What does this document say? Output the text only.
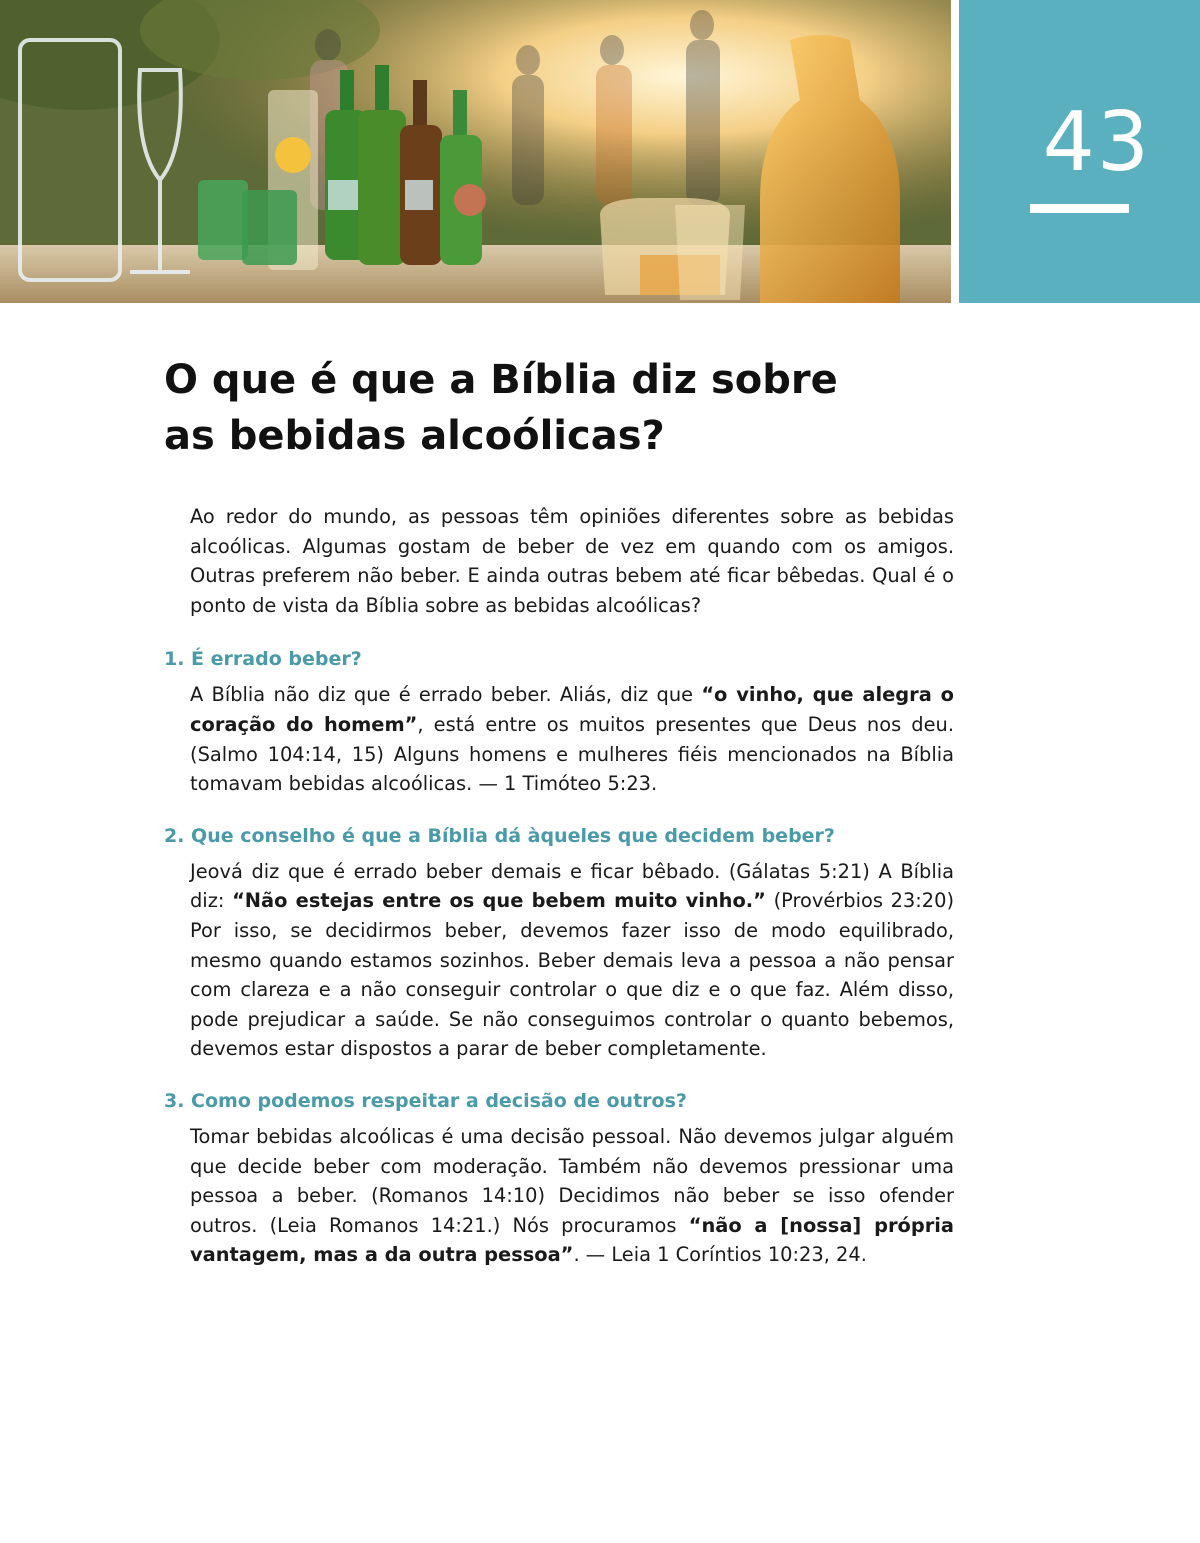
43
O que é que a Bíblia diz sobre
as bebidas alcoólicas?

Ao redor do mundo, as pessoas têm opiniões diferentes sobre as bebidas alcoólicas. Algumas gostam de beber de vez em quando com os amigos. Outras preferem não beber. E ainda outras bebem até ficar bêbedas. Qual é o ponto de vista da Bíblia sobre as bebidas alcoólicas?

1. É errado beber?

A Bíblia não diz que é errado beber. Aliás, diz que “o vinho, que alegra o coração do homem”, está entre os muitos presentes que Deus nos deu. (Salmo 104:14, 15) Alguns homens e mulheres fiéis mencionados na Bíblia tomavam bebidas alcoólicas. — 1 Timóteo 5:23.

2. Que conselho é que a Bíblia dá àqueles que decidem beber?

Jeová diz que é errado beber demais e ficar bêbado. (Gálatas 5:21) A Bíblia diz: “Não estejas entre os que bebem muito vinho.” (Provérbios 23:20) Por isso, se decidirmos beber, devemos fazer isso de modo equilibrado, mesmo quando estamos sozinhos. Beber demais leva a pessoa a não pensar com clareza e a não conseguir controlar o que diz e o que faz. Além disso, pode prejudicar a saúde. Se não conseguimos controlar o quanto bebemos, devemos estar dispostos a parar de beber completamente.

3. Como podemos respeitar a decisão de outros?

Tomar bebidas alcoólicas é uma decisão pessoal. Não devemos julgar alguém que decide beber com moderação. Também não devemos pressionar uma pessoa a beber. (Romanos 14:10) Decidimos não beber se isso ofender outros. (Leia Romanos 14:21.) Nós procuramos “não a [nossa] própria vantagem, mas a da outra pessoa”. — Leia 1 Coríntios 10:23, 24.
